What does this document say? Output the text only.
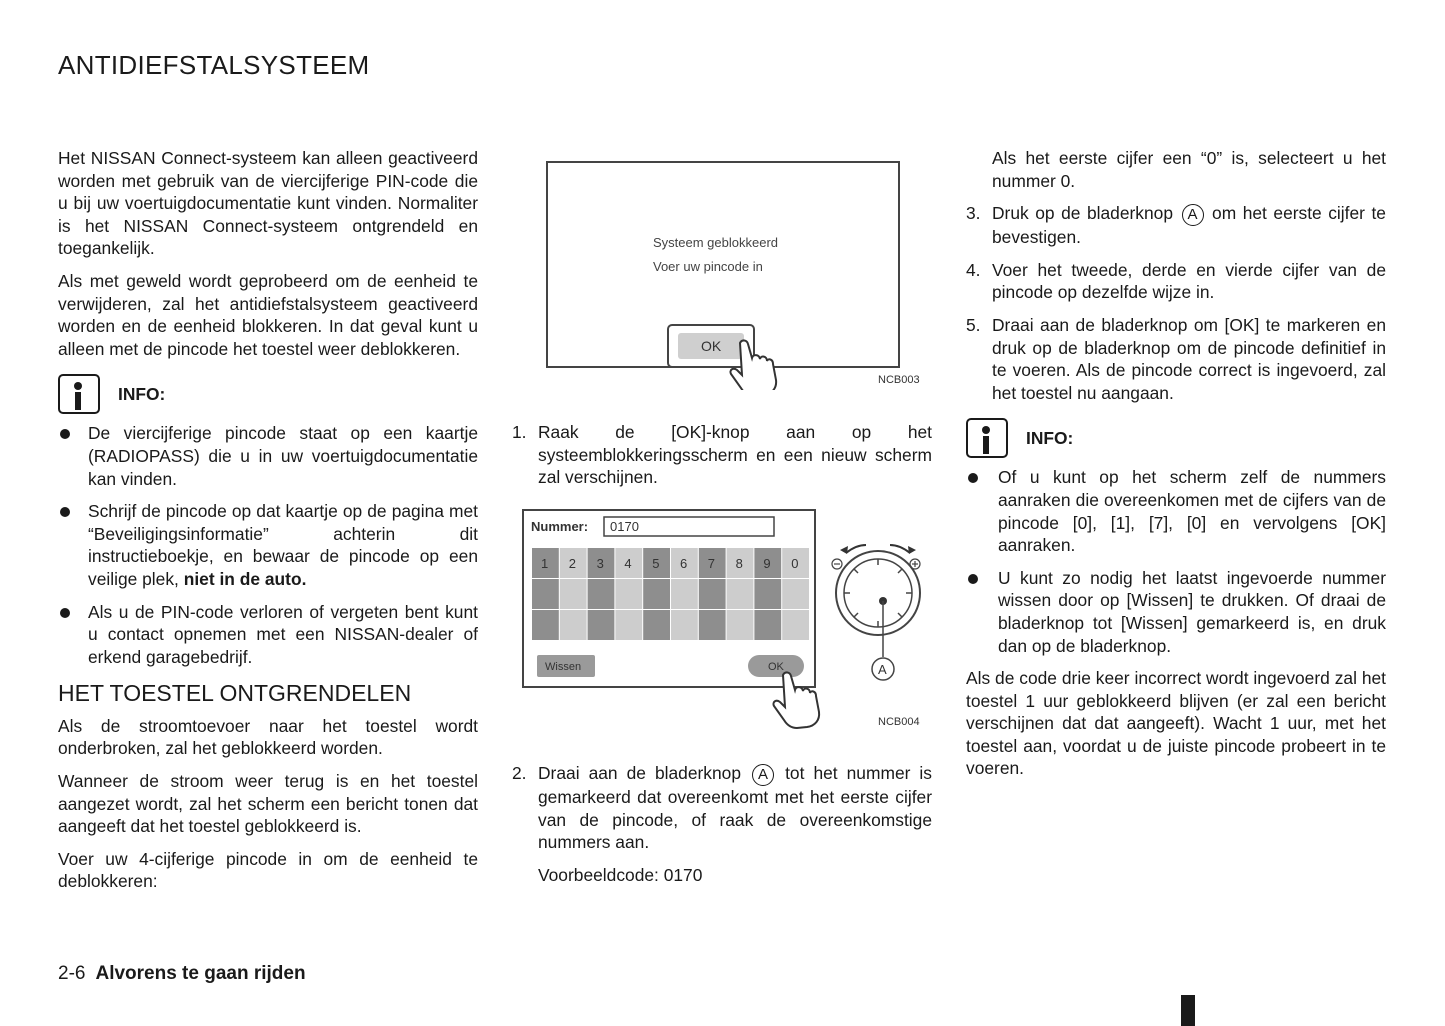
ANTIDIEFSTALSYSTEEM

Het NISSAN Connect-systeem kan alleen geactiveerd worden met gebruik van de viercijferige PIN-code die u bij uw voertuigdocumentatie kunt vinden. Normaliter is het NISSAN Connect-systeem ontgrendeld en toegankelijk.

Als met geweld wordt geprobeerd om de eenheid te verwijderen, zal het antidiefstalsysteem geactiveerd worden en de eenheid blokkeren. In dat geval kunt u alleen met de pincode het toestel weer deblokkeren.

INFO:
De viercijferige pincode staat op een kaartje (RADIOPASS) die u in uw voertuigdocumentatie kan vinden.
Schrijf de pincode op dat kaartje op de pagina met “Beveiligingsinformatie” achterin dit instructieboekje, en bewaar de pincode op een veilige plek, niet in de auto.
Als u de PIN-code verloren of vergeten bent kunt u contact opnemen met een NISSAN-dealer of erkend garagebedrijf.
HET TOESTEL ONTGRENDELEN

Als de stroomtoevoer naar het toestel wordt onderbroken, zal het geblokkeerd worden.

Wanneer de stroom weer terug is en het toestel aangezet wordt, zal het scherm een bericht tonen dat aangeeft dat het toestel geblokkeerd is.

Voer uw 4-cijferige pincode in om de eenheid te deblokkeren:

Systeem geblokkeerd
Voer uw pincode in
OK
NCB003
1. Raak de [OK]-knop aan op het systeemblokkeringsscherm en een nieuw scherm zal verschijnen.
Nummer: 0170
1 2 3 4 5 6 7 8 9 0
Wissen	OK	A
NCB004
2. Draai aan de bladerknop A tot het nummer is gemarkeerd dat overeenkomt met het eerste cijfer van de pincode, of raak de overeenkomstige nummers aan.

Voorbeeldcode: 0170

Als het eerste cijfer een “0” is, selecteert u het nummer 0.

3. Druk op de bladerknop A om het eerste cijfer te bevestigen.
4. Voer het tweede, derde en vierde cijfer van de pincode op dezelfde wijze in.
5. Draai aan de bladerknop om [OK] te markeren en druk op de bladerknop om de pincode definitief in te voeren. Als de pincode correct is ingevoerd, zal het toestel nu aangaan.
INFO:
Of u kunt op het scherm zelf de nummers aanraken die overeenkomen met de cijfers van de pincode [0], [1], [7], [0] en vervolgens [OK] aanraken.
U kunt zo nodig het laatst ingevoerde nummer wissen door op [Wissen] te drukken. Of draai de bladerknop tot [Wissen] gemarkeerd is, en druk dan op de bladerknop.

Als de code drie keer incorrect wordt ingevoerd zal het toestel 1 uur geblokkeerd blijven (er zal een bericht verschijnen dat dat aangeeft). Wacht 1 uur, met het toestel aan, voordat u de juiste pincode probeert in te voeren.

2-6 Alvorens te gaan rijden
